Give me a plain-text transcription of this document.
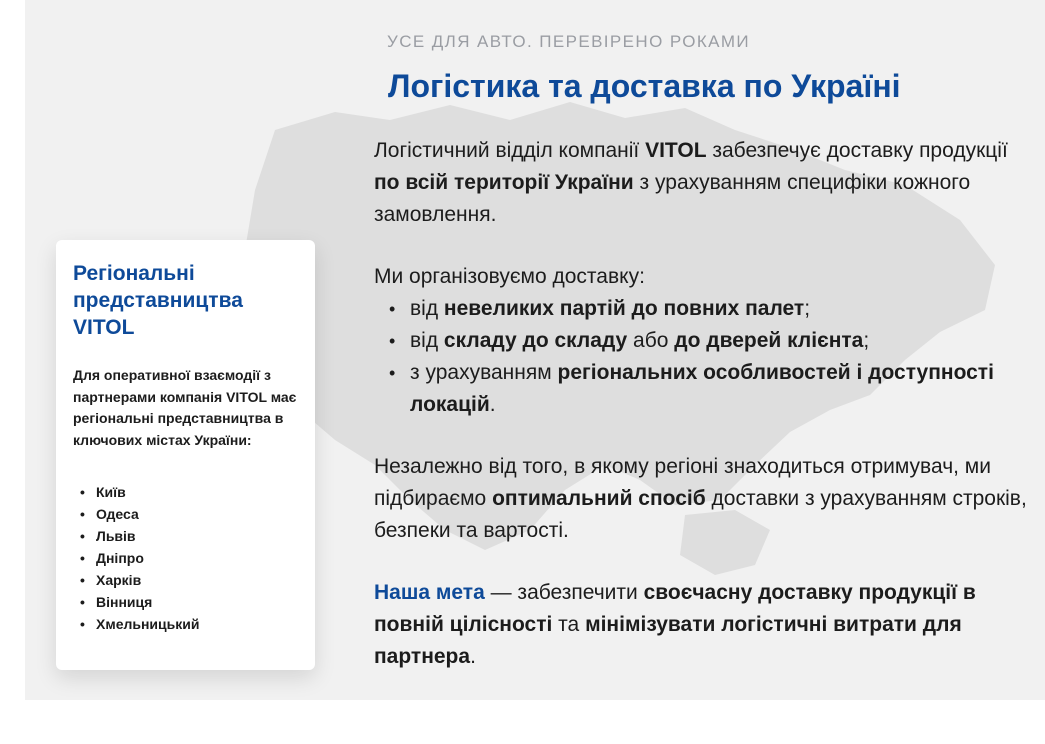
УСЕ ДЛЯ АВТО. ПЕРЕВІРЕНО РОКАМИ
Логістика та доставка по Україні

Логістичний відділ компанії VITOL забезпечує доставку продукції по всій території України з урахуванням специфіки кожного замовлення.

Ми організовуємо доставку:

• від невеликих партій до повних палет;
• від складу до складу або до дверей клієнта;
• з урахуванням регіональних особливостей і доступності локацій.

Незалежно від того, в якому регіоні знаходиться отримувач, ми підбираємо оптимальний спосіб доставки з урахуванням строків, безпеки та вартості.

Наша мета — забезпечити своєчасну доставку продукції в повній цілісності та мінімізувати логістичні витрати для партнера.

Регіональні представництва VITOL

Для оперативної взаємодії з партнерами компанія VITOL має регіональні представництва в ключових містах України:

• Київ
• Одеса
• Львів
• Дніпро
• Харків
• Вінниця
• Хмельницький
